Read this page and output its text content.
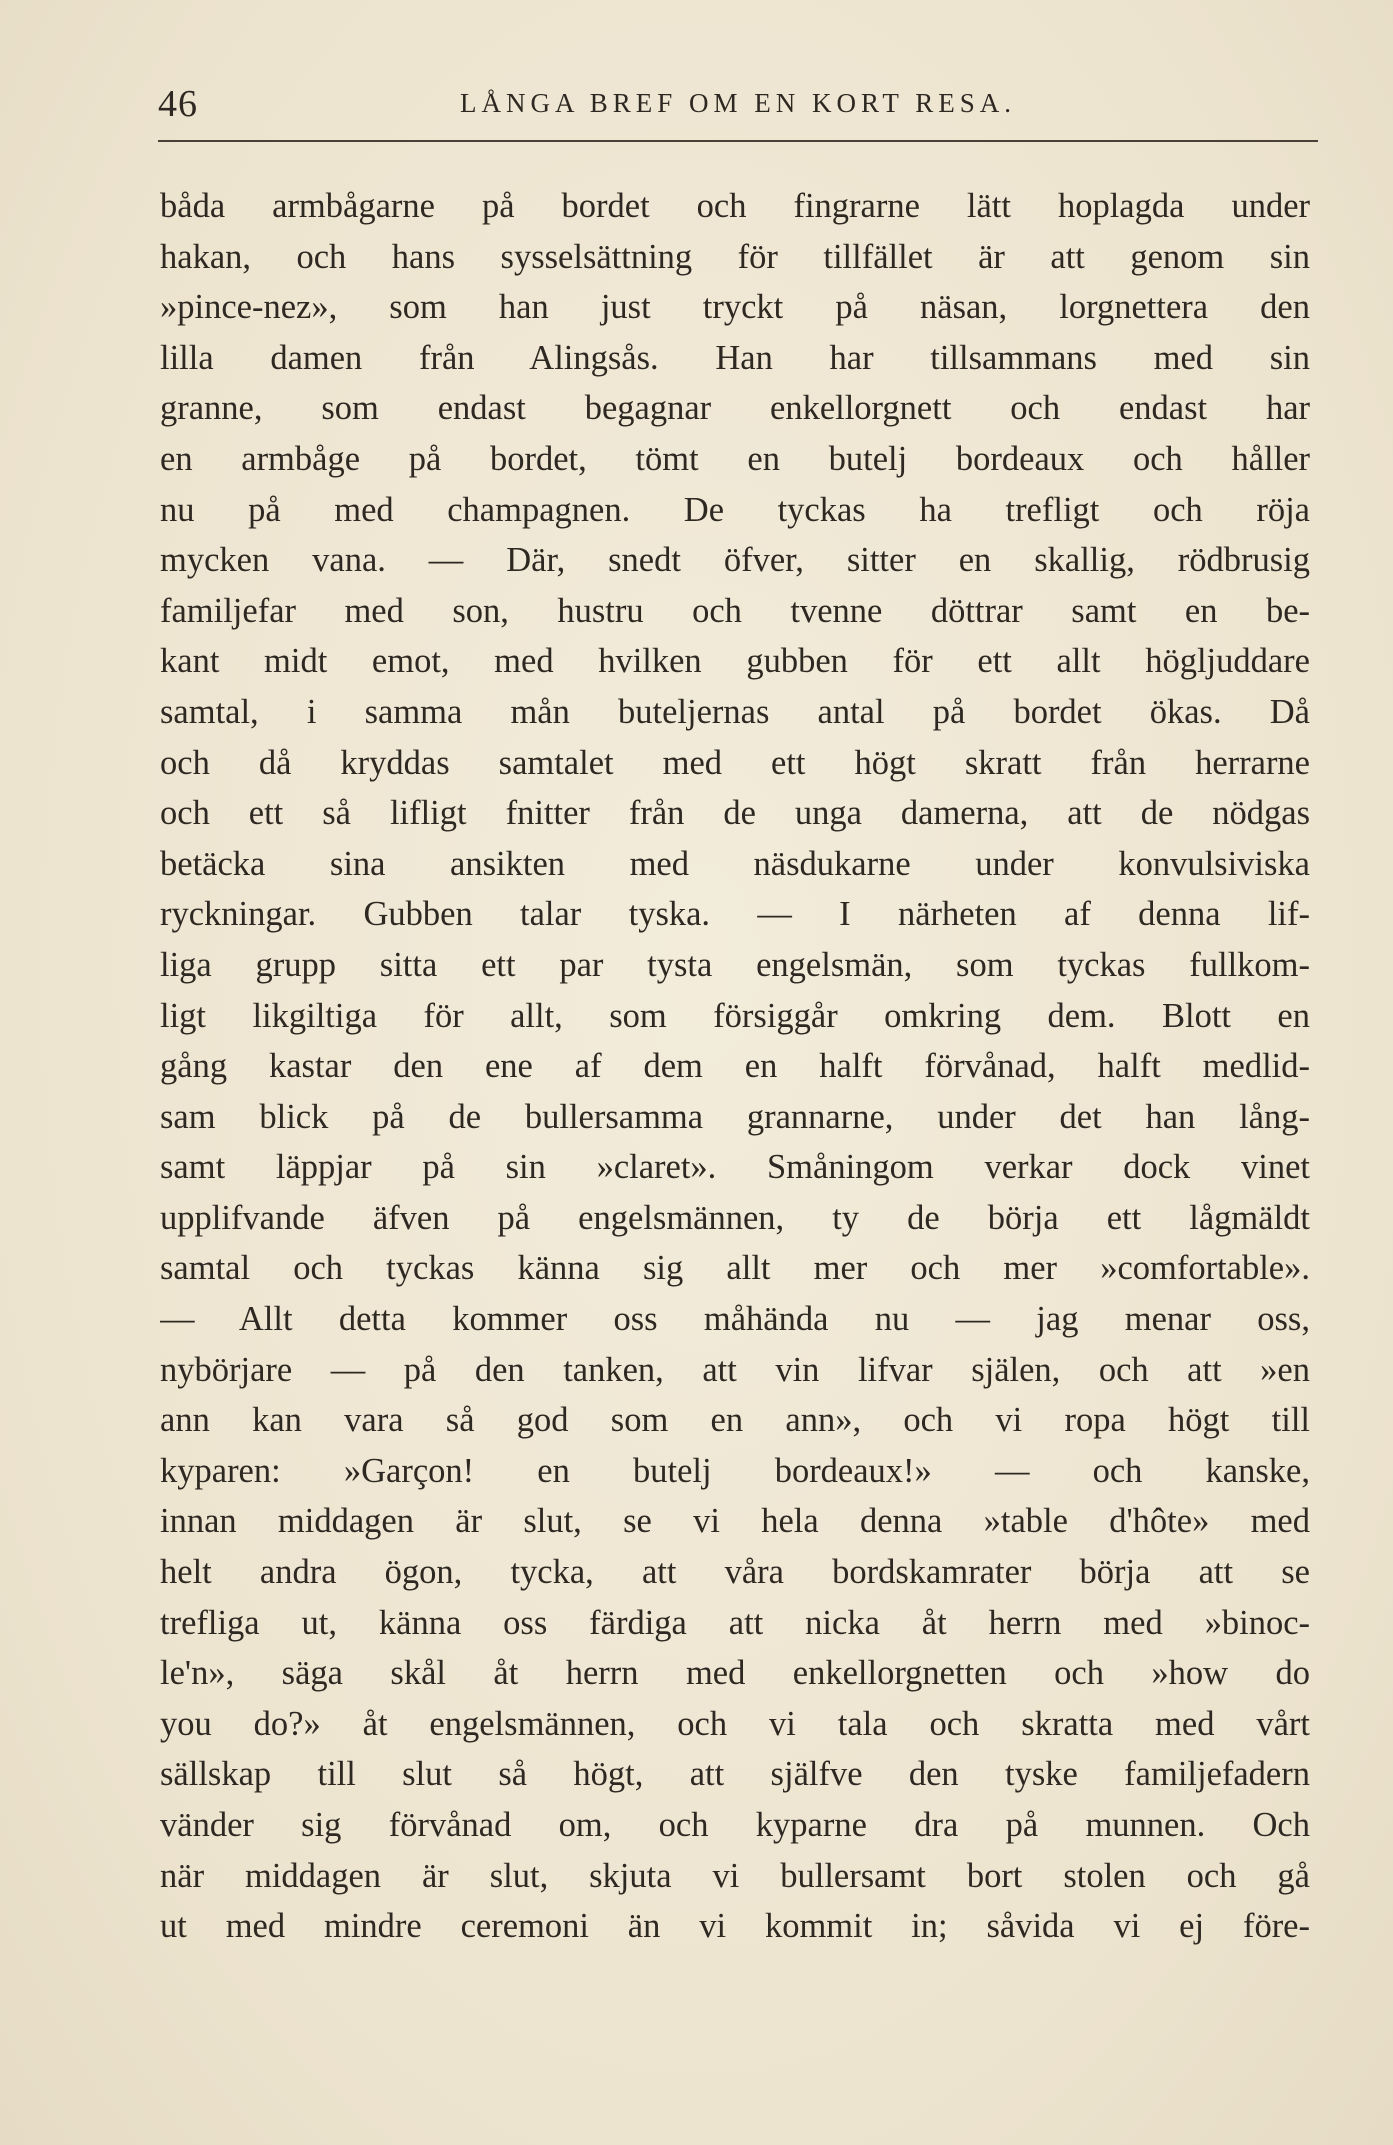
46	LÅNGA BREF OM EN KORT RESA.
båda armbågarne på bordet och fingrarne lätt hoplagda under
hakan, och hans sysselsättning för tillfället är att genom sin
»pince-nez», som han just tryckt på näsan, lorgnettera den
lilla damen från Alingsås. Han har tillsammans med sin
granne, som endast begagnar enkellorgnett och endast har
en armbåge på bordet, tömt en butelj bordeaux och håller
nu på med champagnen. De tyckas ha trefligt och röja
mycken vana. — Där, snedt öfver, sitter en skallig, rödbrusig
familjefar med son, hustru och tvenne döttrar samt en be-
kant midt emot, med hvilken gubben för ett allt högljuddare
samtal, i samma mån buteljernas antal på bordet ökas. Då
och då kryddas samtalet med ett högt skratt från herrarne
och ett så lifligt fnitter från de unga damerna, att de nödgas
betäcka sina ansikten med näsdukarne under konvulsiviska
ryckningar. Gubben talar tyska. — I närheten af denna lif-
liga grupp sitta ett par tysta engelsmän, som tyckas fullkom-
ligt likgiltiga för allt, som försiggår omkring dem. Blott en
gång kastar den ene af dem en halft förvånad, halft medlid-
sam blick på de bullersamma grannarne, under det han lång-
samt läppjar på sin »claret». Småningom verkar dock vinet
upplifvande äfven på engelsmännen, ty de börja ett lågmäldt
samtal och tyckas känna sig allt mer och mer »comfortable».
— Allt detta kommer oss måhända nu — jag menar oss,
nybörjare — på den tanken, att vin lifvar själen, och att »en
ann kan vara så god som en ann», och vi ropa högt till
kyparen: »Garçon! en butelj bordeaux!» — och kanske,
innan middagen är slut, se vi hela denna »table d'hôte» med
helt andra ögon, tycka, att våra bordskamrater börja att se
trefliga ut, känna oss färdiga att nicka åt herrn med »binoc-
le'n», säga skål åt herrn med enkellorgnetten och »how do
you do?» åt engelsmännen, och vi tala och skratta med vårt
sällskap till slut så högt, att själfve den tyske familjefadern
vänder sig förvånad om, och kyparne dra på munnen. Och
när middagen är slut, skjuta vi bullersamt bort stolen och gå
ut med mindre ceremoni än vi kommit in; såvida vi ej före-
